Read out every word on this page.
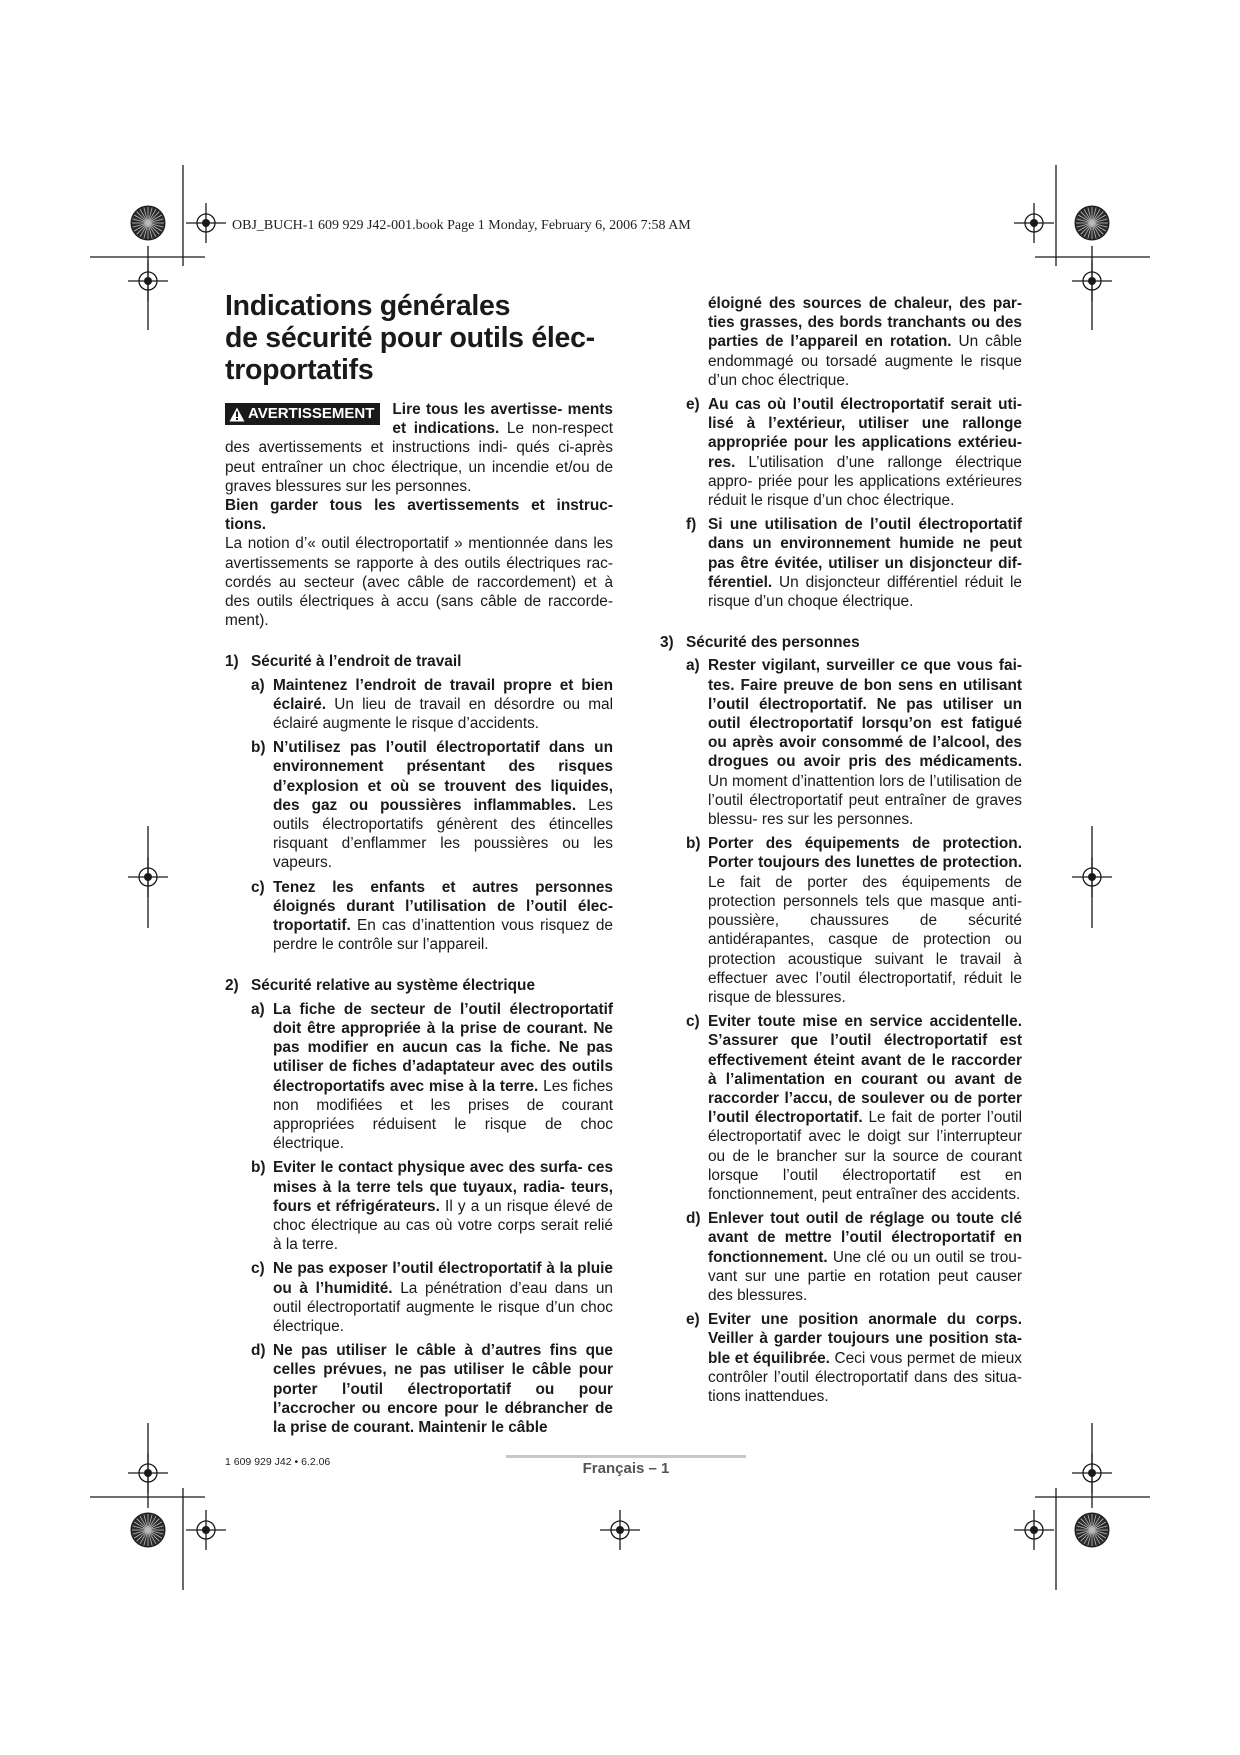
OBJ_BUCH-1 609 929 J42-001.book Page 1 Monday, February 6, 2006 7:58 AM
Indications générales
de sécurité pour outils élec-
troportatifs

AVERTISSEMENT Lire tous les avertisse- ments et indications. Le non-respect des avertissements et instructions indi- qués ci-après peut entraîner un choc électrique, un incendie et/ou de graves blessures sur les personnes.

Bien garder tous les avertissements et instruc- tions.

La notion d’« outil électroportatif » mentionnée dans les avertissements se rapporte à des outils électriques rac- cordés au secteur (avec câble de raccordement) et à des outils électriques à accu (sans câble de raccorde- ment).

1) Sécurité à l’endroit de travail
a) Maintenez l’endroit de travail propre et bien éclairé. Un lieu de travail en désordre ou mal éclairé augmente le risque d’accidents.
b) N’utilisez pas l’outil électroportatif dans un environnement présentant des risques d’explosion et où se trouvent des liquides, des gaz ou poussières inflammables. Les outils électroportatifs génèrent des étincelles risquant d’enflammer les poussières ou les vapeurs.
c) Tenez les enfants et autres personnes éloignés durant l’utilisation de l’outil élec- troportatif. En cas d’inattention vous risquez de perdre le contrôle sur l’appareil.
2) Sécurité relative au système électrique
a) La fiche de secteur de l’outil électroportatif doit être appropriée à la prise de courant. Ne pas modifier en aucun cas la fiche. Ne pas utiliser de fiches d’adaptateur avec des outils électroportatifs avec mise à la terre. Les fiches non modifiées et les prises de courant appropriées réduisent le risque de choc électrique.
b) Eviter le contact physique avec des surfa- ces mises à la terre tels que tuyaux, radia- teurs, fours et réfrigérateurs. Il y a un risque élevé de choc électrique au cas où votre corps serait relié à la terre.
c) Ne pas exposer l’outil électroportatif à la pluie ou à l’humidité. La pénétration d’eau dans un outil électroportatif augmente le risque d’un choc électrique.
d) Ne pas utiliser le câble à d’autres fins que celles prévues, ne pas utiliser le câble pour porter l’outil électroportatif ou pour l’accrocher ou encore pour le débrancher de la prise de courant. Maintenir le câble

éloigné des sources de chaleur, des par- ties grasses, des bords tranchants ou des parties de l’appareil en rotation. Un câble endommagé ou torsadé augmente le risque d’un choc électrique.

e) Au cas où l’outil électroportatif serait uti- lisé à l’extérieur, utiliser une rallonge appropriée pour les applications extérieu- res. L’utilisation d’une rallonge électrique appro- priée pour les applications extérieures réduit le risque d’un choc électrique.
f) Si une utilisation de l’outil électroportatif dans un environnement humide ne peut pas être évitée, utiliser un disjoncteur dif- férentiel. Un disjoncteur différentiel réduit le risque d’un choque électrique.
3) Sécurité des personnes
a) Rester vigilant, surveiller ce que vous fai- tes. Faire preuve de bon sens en utilisant l’outil électroportatif. Ne pas utiliser un outil électroportatif lorsqu’on est fatigué ou après avoir consommé de l’alcool, des drogues ou avoir pris des médicaments. Un moment d’inattention lors de l’utilisation de l’outil électroportatif peut entraîner de graves blessu- res sur les personnes.
b) Porter des équipements de protection. Porter toujours des lunettes de protection. Le fait de porter des équipements de protection personnels tels que masque anti-poussière, chaussures de sécurité antidérapantes, casque de protection ou protection acoustique suivant le travail à effectuer avec l’outil électroportatif, réduit le risque de blessures.
c) Eviter toute mise en service accidentelle. S’assurer que l’outil électroportatif est effectivement éteint avant de le raccorder à l’alimentation en courant ou avant de raccorder l’accu, de soulever ou de porter l’outil électroportatif. Le fait de porter l’outil électroportatif avec le doigt sur l’interrupteur ou de le brancher sur la source de courant lorsque l’outil électroportatif est en fonctionnement, peut entraîner des accidents.
d) Enlever tout outil de réglage ou toute clé avant de mettre l’outil électroportatif en fonctionnement. Une clé ou un outil se trou- vant sur une partie en rotation peut causer des blessures.
e) Eviter une position anormale du corps. Veiller à garder toujours une position sta- ble et équilibrée. Ceci vous permet de mieux contrôler l’outil électroportatif dans des situa- tions inattendues.
1 609 929 J42 • 6.2.06	Français – 1
